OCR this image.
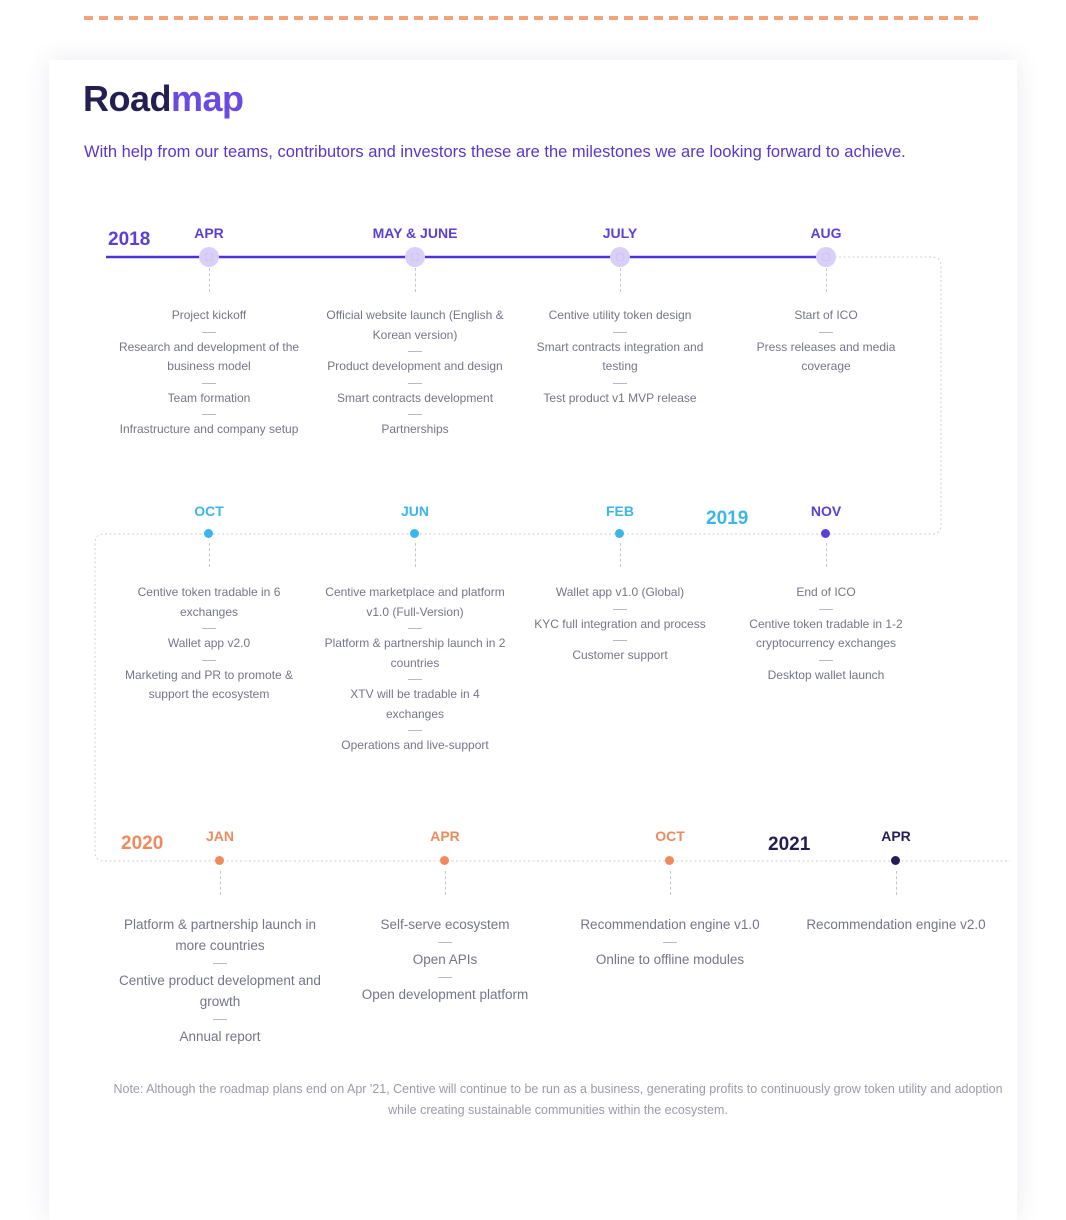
Roadmap

With help from our teams, contributors and investors these are the milestones we are looking forward to achieve.

2018
2019
2020	2021
APR
Project kickoff
Research and development of the business model
Team formation
Infrastructure and company setup
MAY & JUNE
Official website launch (English & Korean version)
Product development and design
Smart contracts development
Partnerships
JULY
Centive utility token design
Smart contracts integration and testing
Test product v1 MVP release
AUG
Start of ICO
Press releases and media coverage
OCT
Centive token tradable in 6 exchanges
Wallet app v2.0
Marketing and PR to promote & support the ecosystem
JUN
Centive marketplace and platform v1.0 (Full-Version)
Platform & partnership launch in 2 countries
XTV will be tradable in 4 exchanges
Operations and live-support
FEB
Wallet app v1.0 (Global)
KYC full integration and process
Customer support
NOV
End of ICO
Centive token tradable in 1-2 cryptocurrency exchanges
Desktop wallet launch
JAN
Platform & partnership launch in more countries
Centive product development and growth
Annual report
APR
Self-serve ecosystem
Open APIs
Open development platform
OCT
Recommendation engine v1.0
Online to offline modules
APR
Recommendation engine v2.0

Note: Although the roadmap plans end on Apr '21, Centive will continue to be run as a business, generating profits to continuously grow token utility and adoption while creating sustainable communities within the ecosystem.
